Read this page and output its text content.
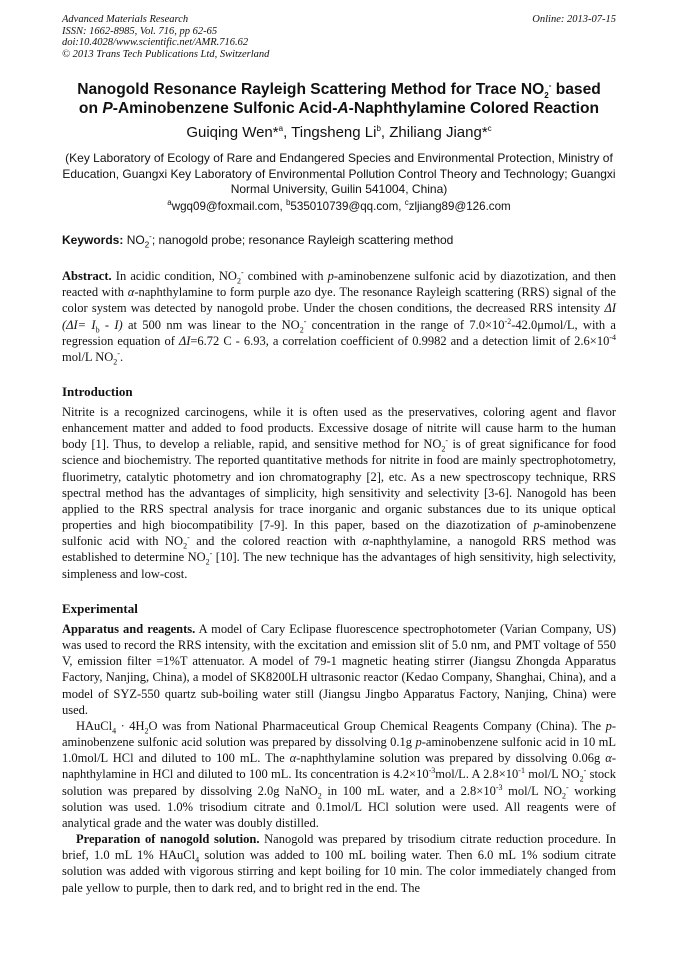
Advanced Materials Research
ISSN: 1662-8985, Vol. 716, pp 62-65
doi:10.4028/www.scientific.net/AMR.716.62
© 2013 Trans Tech Publications Ltd, Switzerland
Online: 2013-07-15
Nanogold Resonance Rayleigh Scattering Method for Trace $NO_2^-$ based
on P-Aminobenzene Sulfonic Acid-A-Naphthylamine Colored Reaction
Guiqing Wen*$^a$, Tingsheng Li$^b$, Zhiliang Jiang*$^c$
(Key Laboratory of Ecology of Rare and Endangered Species and Environmental Protection, Ministry of Education, Guangxi Key Laboratory of Environmental Pollution Control Theory and Technology; Guangxi Normal University, Guilin 541004, China)
$^a$wgq09@foxmail.com, $^b$535010739@qq.com, $^c$zljiang89@126.com
Keywords: $NO_2^-$; nanogold probe; resonance Rayleigh scattering method
Abstract. In acidic condition, $NO_2^-$ combined with p-aminobenzene sulfonic acid by diazotization, and then reacted with α-naphthylamine to form purple azo dye. The resonance Rayleigh scattering (RRS) signal of the color system was detected by nanogold probe. Under the chosen conditions, the decreased RRS intensity ΔI $(\Delta I= I_b - I)$ at 500 nm was linear to the $NO_2^-$ concentration in the range of $7.0\times 10^{-2}-42.0\mu mol/L$, with a regression equation of ΔI=6.72 C - 6.93, a correlation coefficient of 0.9982 and a detection limit of $2.6\times 10^{-4}$ mol/L $NO_2^-$.
Introduction
Nitrite is a recognized carcinogens, while it is often used as the preservatives, coloring agent and flavor enhancement matter and added to food products. Excessive dosage of nitrite will cause harm to the human body [1]. Thus, to develop a reliable, rapid, and sensitive method for $NO_2^-$ is of great significance for food science and biochemistry. The reported quantitative methods for nitrite in food are mainly spectrophotometry, fluorimetry, catalytic photometry and ion chromatography [2], etc. As a new spectroscopy technique, RRS spectral method has the advantages of simplicity, high sensitivity and selectivity [3-6]. Nanogold has been applied to the RRS spectral analysis for trace inorganic and organic substances due to its unique optical properties and high biocompatibility [7-9]. In this paper, based on the diazotization of p-aminobenzene sulfonic acid with $NO_2^-$ and the colored reaction with α-naphthylamine, a nanogold RRS method was established to determine $NO_2^-$ [10]. The new technique has the advantages of high sensitivity, high selectivity, simpleness and low-cost.
Experimental

Apparatus and reagents. A model of Cary Eclipase fluorescence spectrophotometer (Varian Company, US) was used to record the RRS intensity, with the excitation and emission slit of 5.0 nm, and PMT voltage of 550 V, emission filter =1%T attenuator. A model of 79-1 magnetic heating stirrer (Jiangsu Zhongda Apparatus Factory, Nanjing, China), a model of SK8200LH ultrasonic reactor (Kedao Company, Shanghai, China), and a model of SYZ-550 quartz sub-boiling water still (Jiangsu Jingbo Apparatus Factory, Nanjing, China) were used.

HAuCl$_4$ · $4H_2O$ was from National Pharmaceutical Group Chemical Reagents Company (China). The p-aminobenzene sulfonic acid solution was prepared by dissolving 0.1g p-aminobenzene sulfonic acid in 10 mL 1.0mol/L HCl and diluted to 100 mL. The α-naphthylamine solution was prepared by dissolving 0.06g α-naphthylamine in HCl and diluted to 100 mL. Its concentration is $4.2\times 10^{-3}mol/L$. A $2.8\times 10^{-1}$ mol/L $NO_2^-$ stock solution was prepared by dissolving 2.0g NaNO$_2$ in 100 mL water, and a $2.8\times 10^{-3}$ mol/L $NO_2^-$ working solution was used. 1.0% trisodium citrate and 0.1mol/L HCl solution were used. All reagents were of analytical grade and the water was doubly distilled.

Preparation of nanogold solution. Nanogold was prepared by trisodium citrate reduction procedure. In brief, 1.0 mL 1% HAuCl$_4$ solution was added to 100 mL boiling water. Then 6.0 mL 1% sodium citrate solution was added with vigorous stirring and kept boiling for 10 min. The color immediately changed from pale yellow to purple, then to dark red, and to bright red in the end. The
